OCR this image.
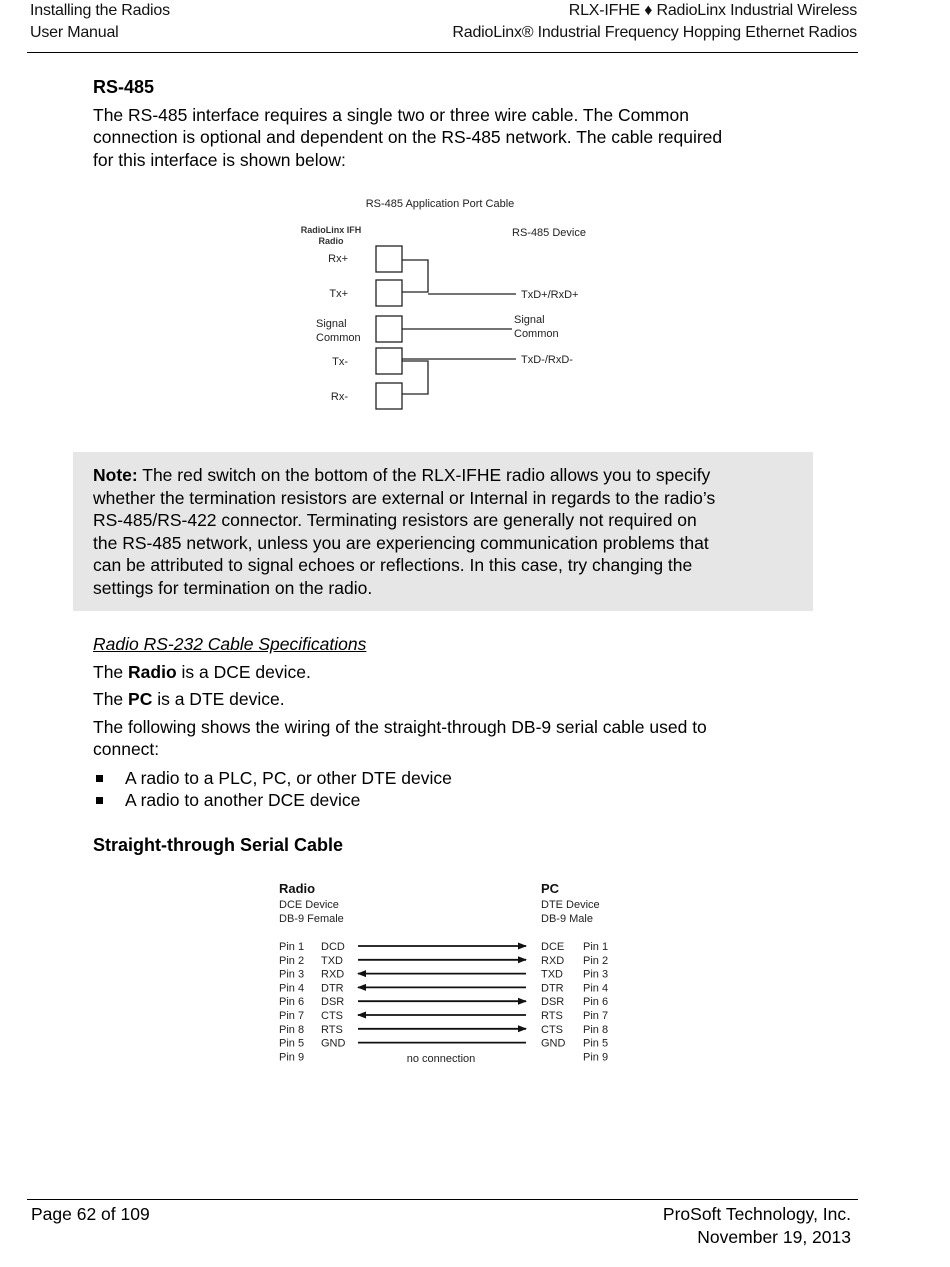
Installing the Radios
User Manual
RLX-IFHE ♦ RadioLinx Industrial Wireless
RadioLinx® Industrial Frequency Hopping Ethernet Radios
RS-485

The RS-485 interface requires a single two or three wire cable. The Common
connection is optional and dependent on the RS-485 network. The cable required
for this interface is shown below:

RS-485 Application Port Cable
RadioLinx IFH
Radio
RS-485 Device
Rx+
Tx+
Signal
Common
Tx-
Rx-
TxD+/RxD+
Signal
Common
TxD-/RxD-
Note: The red switch on the bottom of the RLX-IFHE radio allows you to specify
whether the termination resistors are external or Internal in regards to the radio’s
RS-485/RS-422 connector. Terminating resistors are generally not required on
the RS-485 network, unless you are experiencing communication problems that
can be attributed to signal echoes or reflections. In this case, try changing the
settings for termination on the radio.

Radio RS-232 Cable Specifications

The Radio is a DCE device.

The PC is a DTE device.

The following shows the wiring of the straight-through DB-9 serial cable used to
connect:

A radio to a PLC, PC, or other DTE device
A radio to another DCE device
Straight-through Serial Cable
Radio
DCE Device
DB-9 Female
PC
DTE Device
DB-9 Male
Pin 1 DCD	DCE Pin 1
Pin 2 TXD	RXD Pin 2
Pin 3 RXD	TXD Pin 3
Pin 4 DTR	DTR Pin 4
Pin 6 DSR	DSR Pin 6
Pin 7 CTS	RTS Pin 7
Pin 8 RTS	CTS Pin 8
Pin 5 GND	GND Pin 5
Pin 9	Pin 9
no connection
Page 62 of 109	ProSoft Technology, Inc.
November 19, 2013
